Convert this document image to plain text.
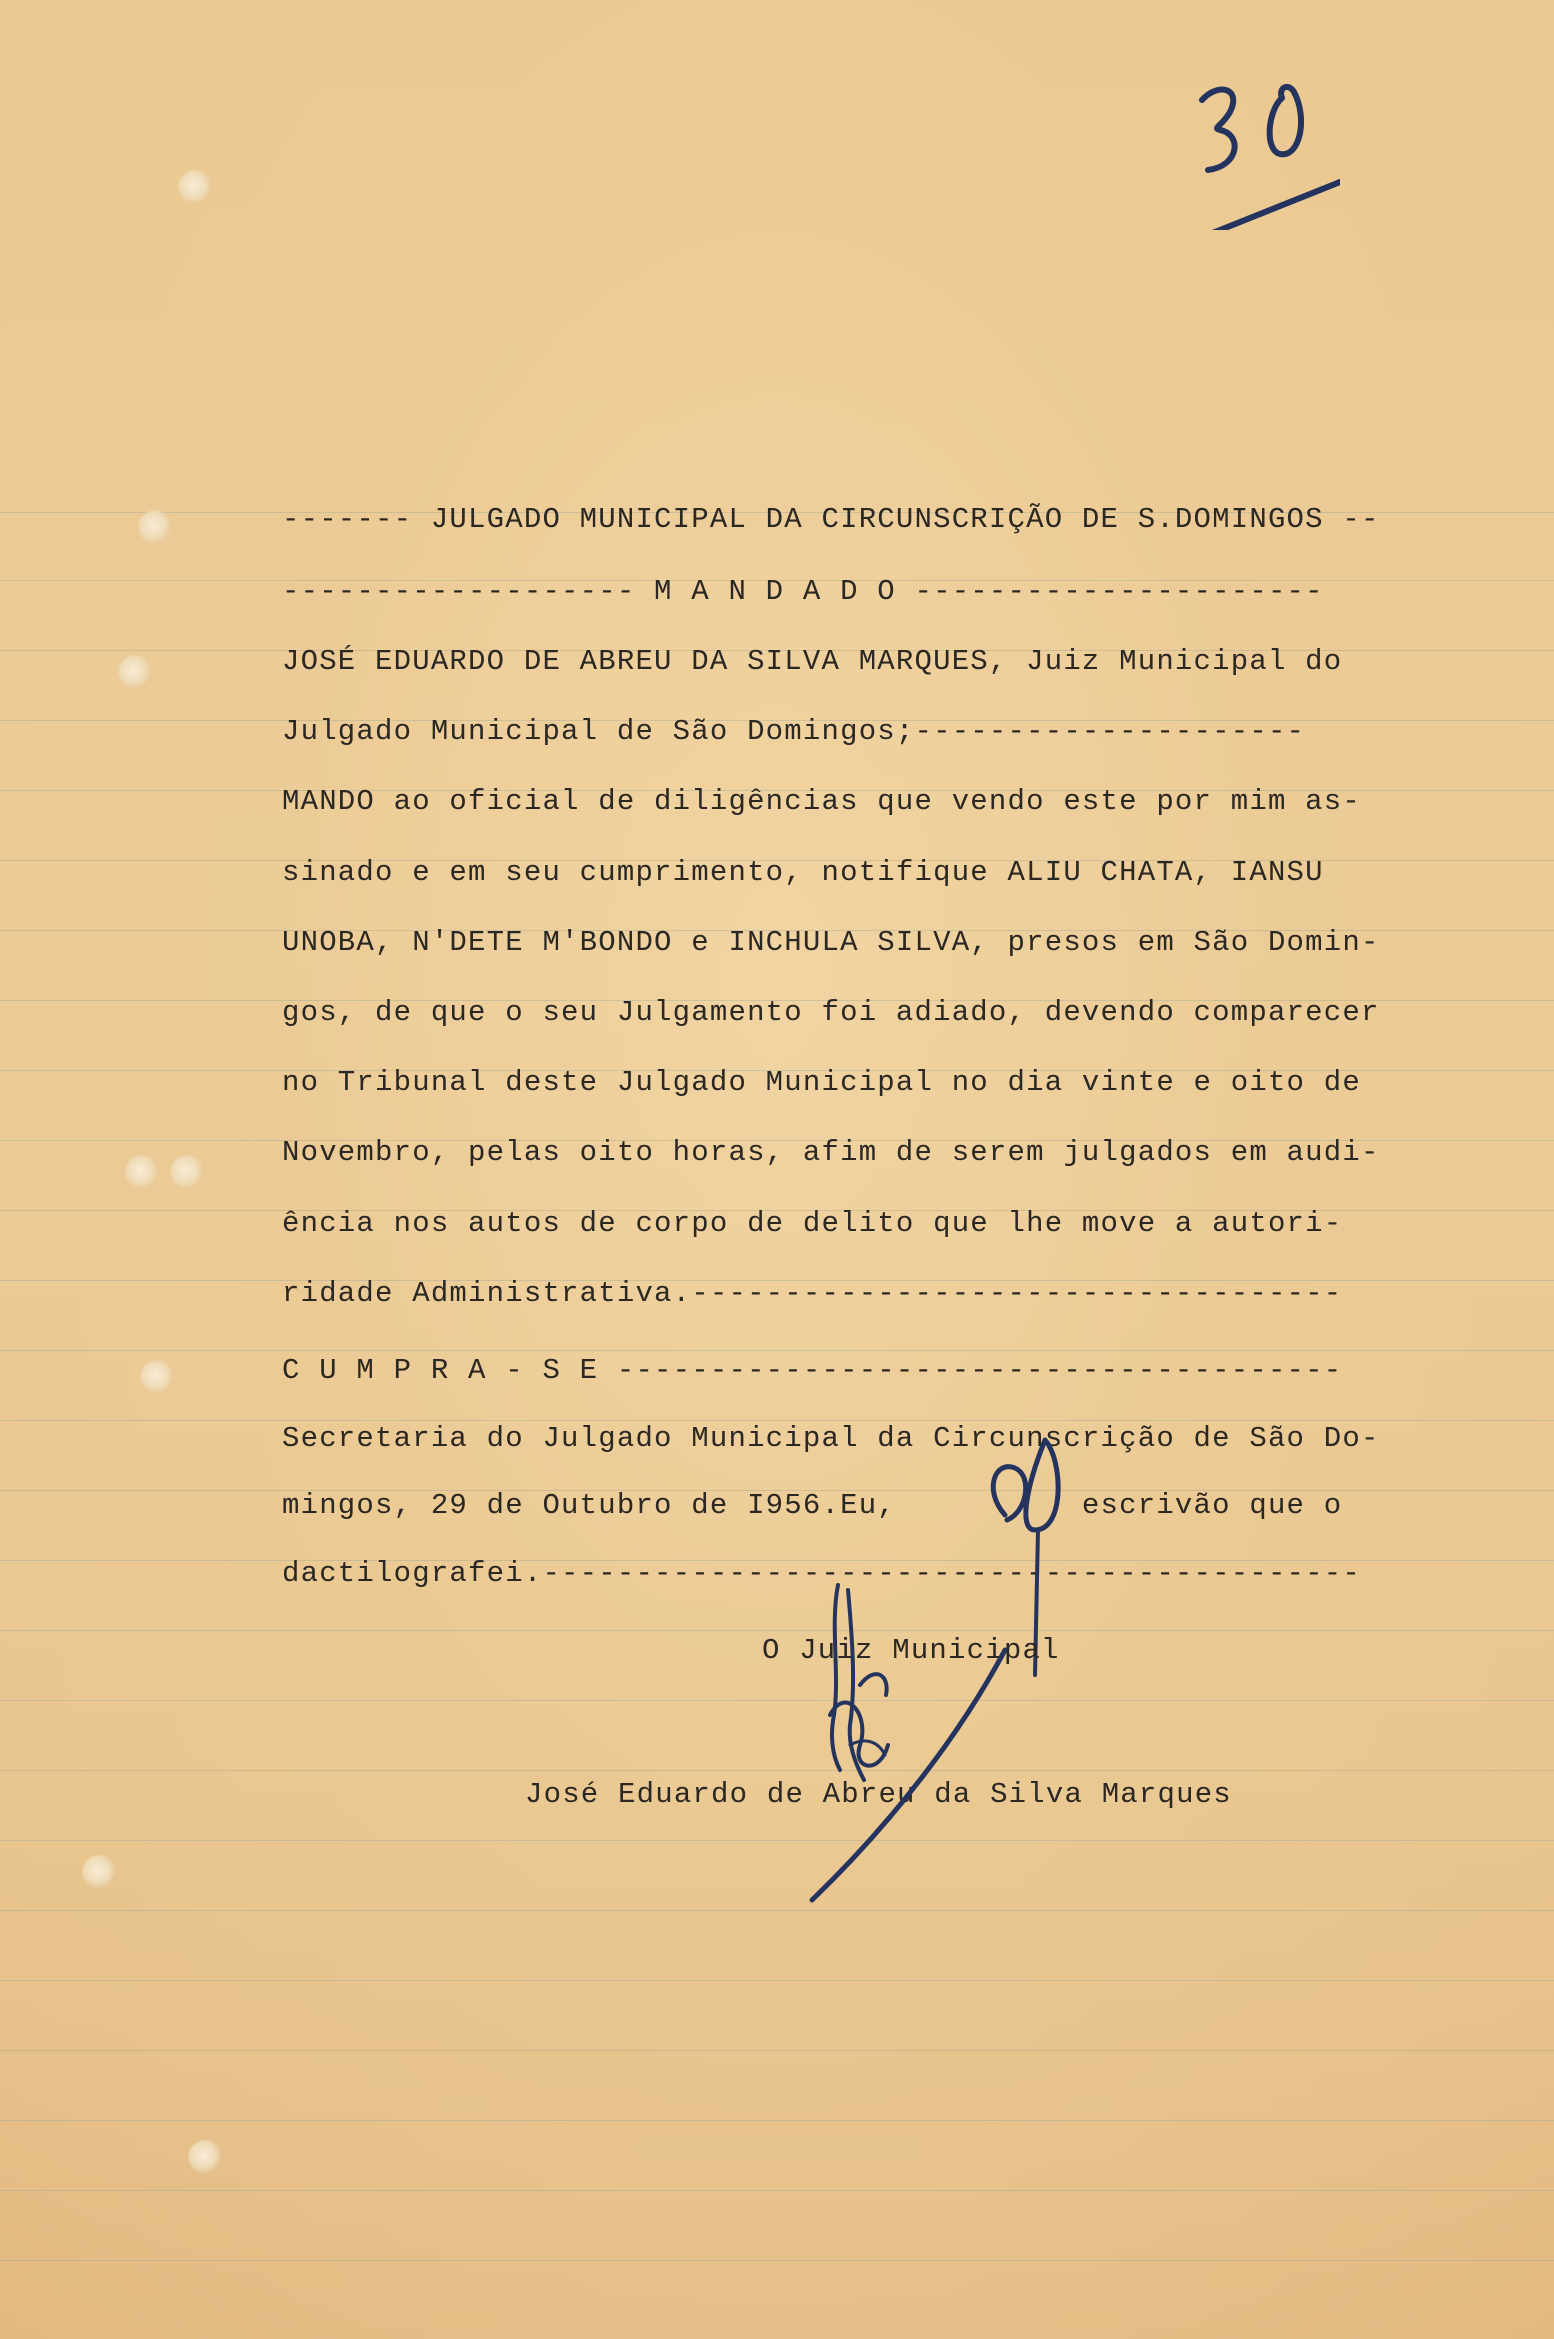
------- JULGADO MUNICIPAL DA CIRCUNSCRIÇÃO DE S.DOMINGOS --
------------------- M A N D A D O ----------------------
JOSÉ EDUARDO DE ABREU DA SILVA MARQUES, Juiz Municipal do
Julgado Municipal de São Domingos;---------------------
MANDO ao oficial de diligências que vendo este por mim as-
sinado e em seu cumprimento, notifique ALIU CHATA, IANSU
UNOBA, N'DETE M'BONDO e INCHULA SILVA, presos em São Domin-
gos, de que o seu Julgamento foi adiado, devendo comparecer
no Tribunal deste Julgado Municipal no dia vinte e oito de
Novembro, pelas oito horas, afim de serem julgados em audi-
ência nos autos de corpo de delito que lhe move a autori-
ridade Administrativa.-----------------------------------
C U M P R A - S E ---------------------------------------
Secretaria do Julgado Municipal da Circunscrição de São Do-
mingos, 29 de Outubro de I956.Eu,          escrivão que o
dactilografei.--------------------------------------------
O Juiz Municipal
José Eduardo de Abreu da Silva Marques
